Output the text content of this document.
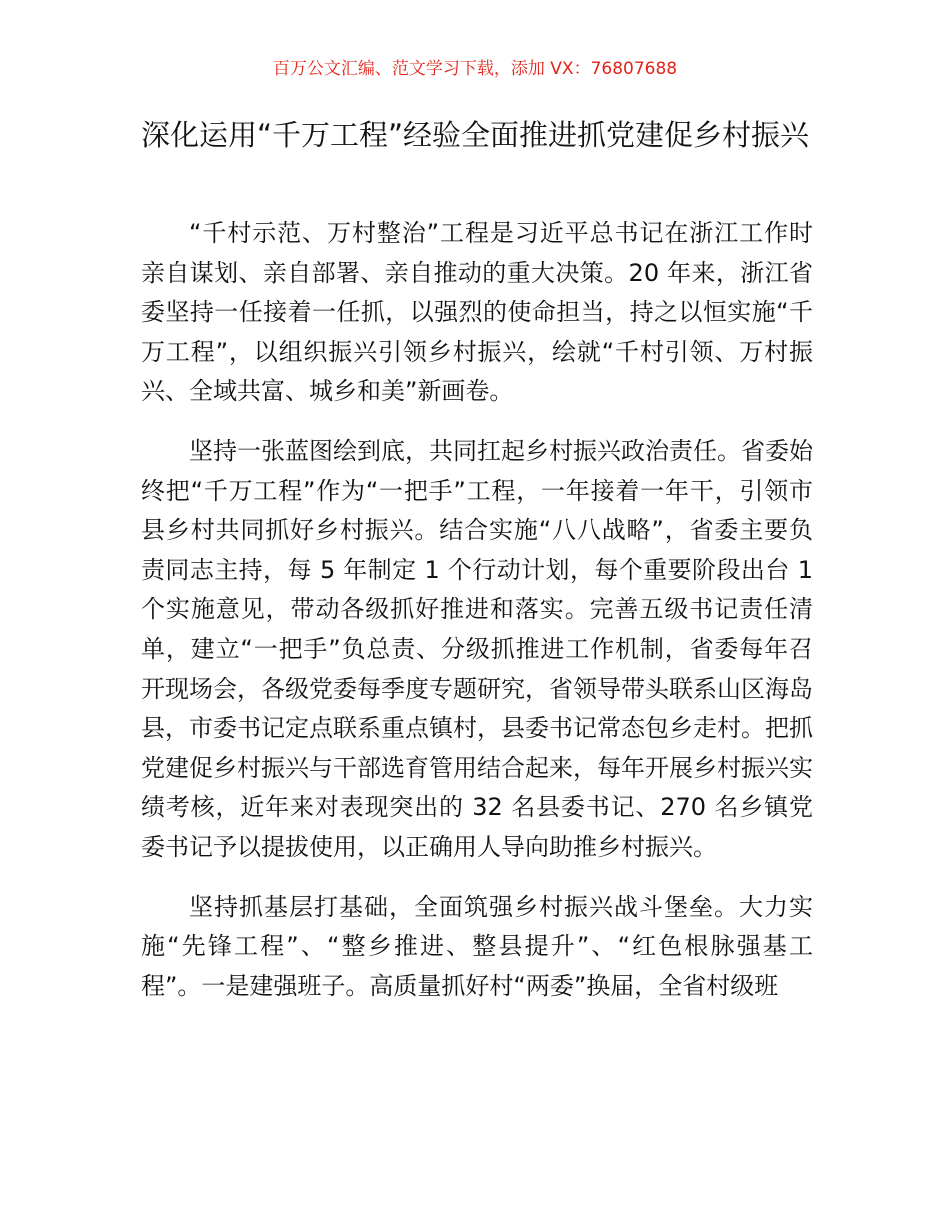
百万公文汇编、范文学习下载，添加 VX：76807688
深化运用“千万工程”经验全面推进抓党建促乡村振兴

“千村示范、万村整治”工程是习近平总书记在浙江工作时亲自谋划、亲自部署、亲自推动的重大决策。20 年来，浙江省委坚持一任接着一任抓，以强烈的使命担当，持之以恒实施“千万工程”，以组织振兴引领乡村振兴，绘就“千村引领、万村振兴、全域共富、城乡和美”新画卷。

坚持一张蓝图绘到底，共同扛起乡村振兴政治责任。省委始终把“千万工程”作为“一把手”工程，一年接着一年干，引领市县乡村共同抓好乡村振兴。结合实施“八八战略”，省委主要负责同志主持，每 5 年制定 1 个行动计划，每个重要阶段出台 1 个实施意见，带动各级抓好推进和落实。完善五级书记责任清单，建立“一把手”负总责、分级抓推进工作机制，省委每年召开现场会，各级党委每季度专题研究，省领导带头联系山区海岛县，市委书记定点联系重点镇村，县委书记常态包乡走村。把抓党建促乡村振兴与干部选育管用结合起来，每年开展乡村振兴实绩考核，近年来对表现突出的 32 名县委书记、270 名乡镇党委书记予以提拔使用，以正确用人导向助推乡村振兴。

坚持抓基层打基础，全面筑强乡村振兴战斗堡垒。大力实施“先锋工程”、“整乡推进、整县提升”、“红色根脉强基工程”。一是建强班子。高质量抓好村“两委”换届，全省村级班
